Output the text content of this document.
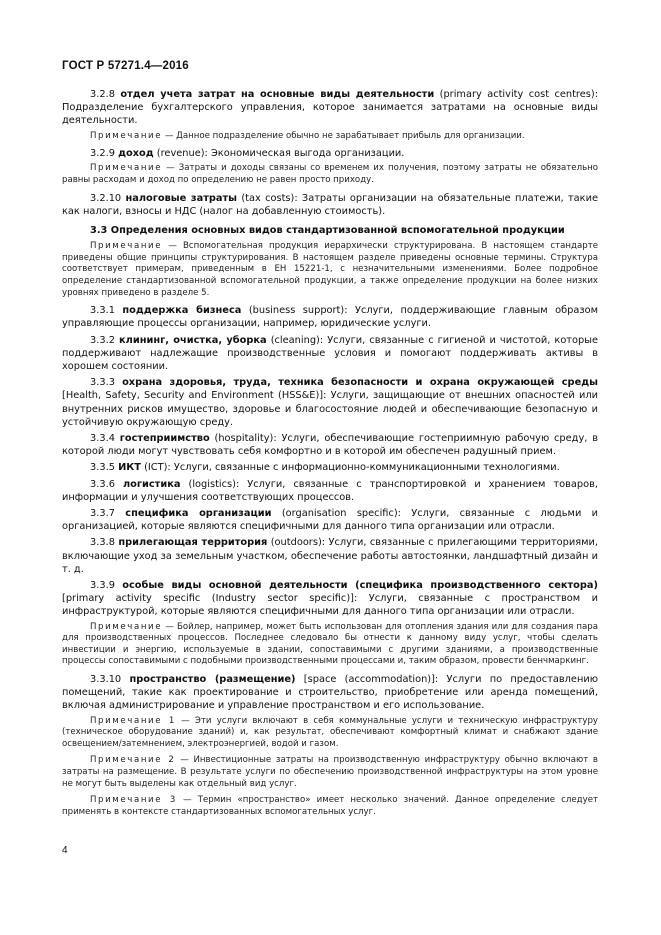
ГОСТ Р 57271.4—2016

3.2.8 отдел учета затрат на основные виды деятельности (primary activity cost centres): Подразделение бухгалтерского управления, которое занимается затратами на основные виды деятельности.

Примечание — Данное подразделение обычно не зарабатывает прибыль для организации.

3.2.9 доход (revenue): Экономическая выгода организации.

Примечание — Затраты и доходы связаны со временем их получения, поэтому затраты не обязательно равны расходам и доход по определению не равен просто приходу.

3.2.10 налоговые затраты (tax costs): Затраты организации на обязательные платежи, такие как налоги, взносы и НДС (налог на добавленную стоимость).

3.3 Определения основных видов стандартизованной вспомогательной продукции

Примечание — Вспомогательная продукция иерархически структурирована. В настоящем стандарте приведены общие принципы структурирования. В настоящем разделе приведены основные термины. Структура соответствует примерам, приведенным в ЕН 15221-1, с незначительными изменениями. Более подробное определение стандартизованной вспомогательной продукции, а также определение продукции на более низких уровнях приведено в разделе 5.

3.3.1 поддержка бизнеса (business support): Услуги, поддерживающие главным образом управляющие процессы организации, например, юридические услуги.

3.3.2 клининг, очистка, уборка (cleaning): Услуги, связанные с гигиеной и чистотой, которые поддерживают надлежащие производственные условия и помогают поддерживать активы в хорошем состоянии.

3.3.3 охрана здоровья, труда, техника безопасности и охрана окружающей среды [Health, Safety, Security and Environment (HSS&E)]: Услуги, защищающие от внешних опасностей или внутренних рисков имущество, здоровье и благосостояние людей и обеспечивающие безопасную и устойчивую окружающую среду.

3.3.4 гостеприимство (hospitality): Услуги, обеспечивающие гостеприимную рабочую среду, в которой люди могут чувствовать себя комфортно и в которой им обеспечен радушный прием.

3.3.5 ИКТ (ICT): Услуги, связанные с информационно-коммуникационными технологиями.

3.3.6 логистика (logistics): Услуги, связанные с транспортировкой и хранением товаров, информации и улучшения соответствующих процессов.

3.3.7 специфика организации (organisation specific): Услуги, связанные с людьми и организацией, которые являются специфичными для данного типа организации или отрасли.

3.3.8 прилегающая территория (outdoors): Услуги, связанные с прилегающими территориями, включающие уход за земельным участком, обеспечение работы автостоянки, ландшафтный дизайн и т. д.

3.3.9 особые виды основной деятельности (специфика производственного сектора) [primary activity specific (Industry sector specific)]: Услуги, связанные с пространством и инфраструктурой, которые являются специфичными для данного типа организации или отрасли.

Примечание — Бойлер, например, может быть использован для отопления здания или для создания пара для производственных процессов. Последнее следовало бы отнести к данному виду услуг, чтобы сделать инвестиции и энергию, используемые в здании, сопоставимыми с другими зданиями, а производственные процессы сопоставимыми с подобными производственными процессами и, таким образом, провести бенчмаркинг.

3.3.10 пространство (размещение) [space (accommodation)]: Услуги по предоставлению помещений, такие как проектирование и строительство, приобретение или аренда помещений, включая администрирование и управление пространством и его использование.

Примечание 1 — Эти услуги включают в себя коммунальные услуги и техническую инфраструктуру (техническое оборудование зданий) и, как результат, обеспечивают комфортный климат и снабжают здание освещением/затемнением, электроэнергией, водой и газом.

Примечание 2 — Инвестиционные затраты на производственную инфраструктуру обычно включают в затраты на размещение. В результате услуги по обеспечению производственной инфраструктуры на этом уровне не могут быть выделены как отдельный вид услуг.

Примечание 3 — Термин «пространство» имеет несколько значений. Данное определение следует применять в контексте стандартизованных вспомогательных услуг.

4
